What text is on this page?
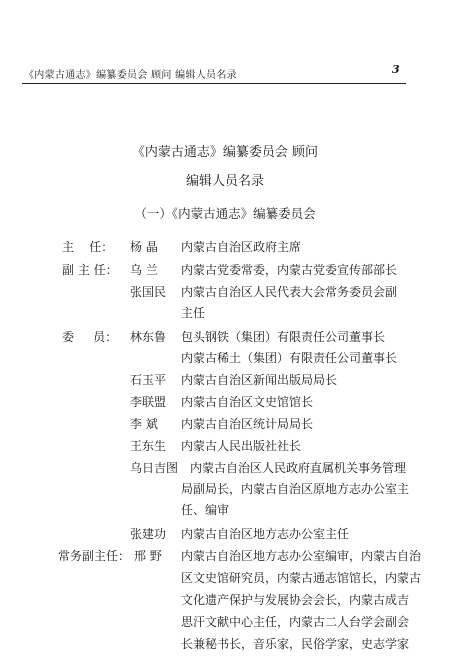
《内蒙古通志》编纂委员会 顾问 编辑人员名录	3
《内蒙古通志》编纂委员会 顾问
编辑人员名录
（一）《内蒙古通志》编纂委员会
主    任： 杨 晶 内蒙古自治区政府主席
副 主 任： 乌 兰 内蒙古党委常委，内蒙古党委宣传部部长
张国民 内蒙古自治区人民代表大会常务委员会副
主任
委     员： 林东鲁 包头钢铁（集团）有限责任公司董事长
内蒙古稀土（集团）有限责任公司董事长
石玉平 内蒙古自治区新闻出版局局长
李联盟 内蒙古自治区文史馆馆长
李 斌 内蒙古自治区统计局局长
王东生 内蒙古人民出版社社长
乌日吉图 内蒙古自治区人民政府直属机关事务管理
局副局长，内蒙古自治区原地方志办公室主
任、编审
张建功 内蒙古自治区地方志办公室主任
常务副主任： 邢 野 内蒙古自治区地方志办公室编审，内蒙古自治
区文史馆研究员，内蒙古通志馆馆长，内蒙古
文化遗产保护与发展协会会长，内蒙古成吉
思汗文献中心主任，内蒙古二人台学会副会
长兼秘书长，音乐家，民俗学家，史志学家
